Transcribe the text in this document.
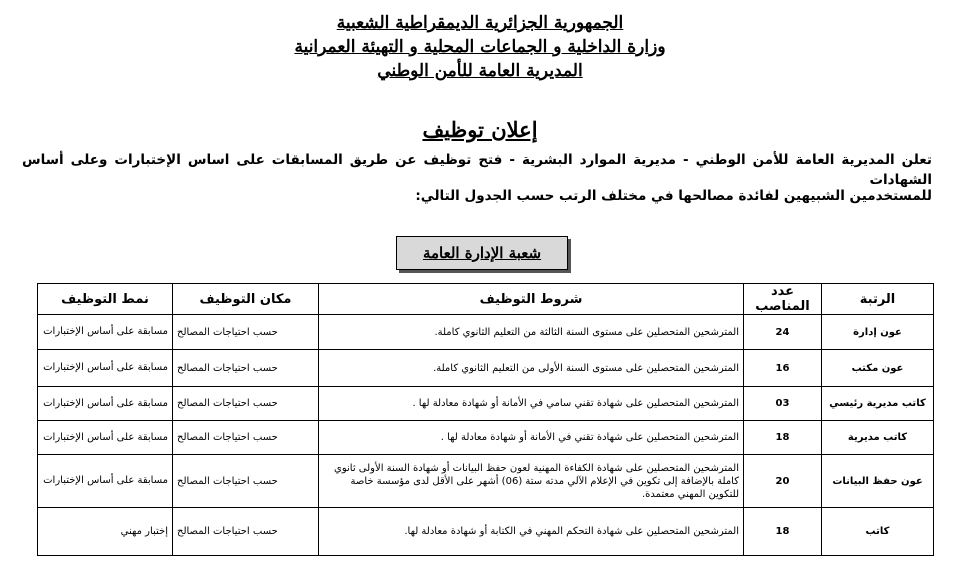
الجمهورية الجزائرية الديمقراطية الشعبية
وزارة الداخلية و الجماعات المحلية و التهيئة العمرانية
المديرية العامة للأمن الوطني
إعلان توظيف
تعلن المديرية العامة للأمن الوطني - مديرية الموارد البشرية - فتح توظيف عن طريق المسابقات على اساس الإختبارات وعلى أساس الشهادات
للمستخدمين الشبيهين لفائدة مصالحها في مختلف الرتب حسب الجدول التالي:
شعبة الإدارة العامة
الرتبة	عدد المناصب	شروط التوظيف	مكان التوظيف	نمط التوظيف
عون إدارة	24	المترشحين المتحصلين على مستوى السنة الثالثة من التعليم الثانوي كاملة.	حسب احتياجات المصالح	مسابقة على أساس الإختبارات
عون مكتب	16	المترشحين المتحصلين على مستوى السنة الأولى من التعليم الثانوي كاملة.	حسب احتياجات المصالح	مسابقة على أساس الإختبارات
كاتب مديرية رئيسي	03	المترشحين المتحصلين على شهادة تقني سامي في الأمانة أو شهادة معادلة لها .	حسب احتياجات المصالح	مسابقة على أساس الإختبارات
كاتب مديرية	18	المترشحين المتحصلين على شهادة تقني في الأمانة أو شهادة معادلة لها .	حسب احتياجات المصالح	مسابقة على أساس الإختبارات
عون حفظ البيانات	20	المترشحين المتحصلين على شهادة الكفاءة المهنية لعون حفظ البيانات أو شهادة السنة الأولى ثانوي كاملة بالإضافة إلى تكوين في الإعلام الآلي مدته ستة (06) أشهر على الأقل لدى مؤسسة خاصة للتكوين المهني معتمدة.	حسب احتياجات المصالح	مسابقة على أساس الإختبارات
كاتب	18	المترشحين المتحصلين على شهادة التحكم المهني في الكتابة أو شهادة معادلة لها.	حسب احتياجات المصالح	إختبار مهني
